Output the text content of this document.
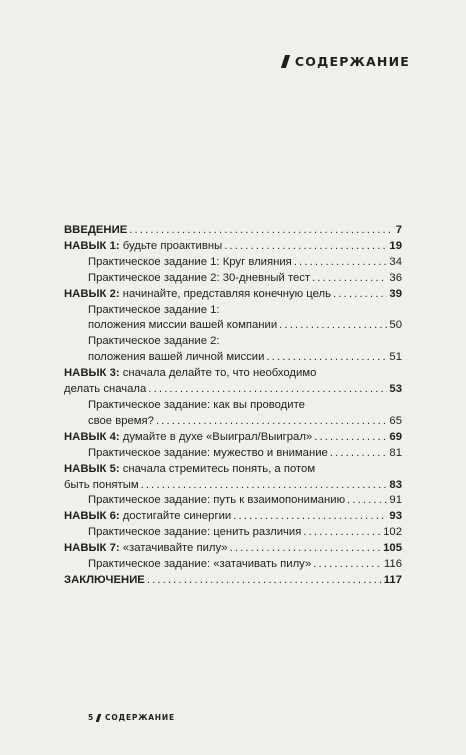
СОДЕРЖАНИЕ
ВВЕДЕНИЕ . . .	7
НАВЫК 1: будьте проактивны . . .	19
Практическое задание 1: Круг влияния . . .	34
Практическое задание 2: 30-дневный тест . . .	36
НАВЫК 2: начинайте, представляя конечную цель . . .	39
Практическое задание 1:
положения миссии вашей компании . . .	50
Практическое задание 2:
положения вашей личной миссии . . .	51
НАВЫК 3: сначала делайте то, что необходимо
делать сначала . . .	53
Практическое задание: как вы проводите
свое время? . . .	65
НАВЫК 4: думайте в духе «Выиграл/Выиграл» . . .	69
Практическое задание: мужество и внимание . . .	81
НАВЫК 5: сначала стремитесь понять, а потом
быть понятым . . .	83
Практическое задание: путь к взаимопониманию . . .	91
НАВЫК 6: достигайте синергии . . .	93
Практическое задание: ценить различия . . .	102
НАВЫК 7: «затачивайте пилу» . . .	105
Практическое задание: «затачивать пилу» . . .	116
ЗАКЛЮЧЕНИЕ . . .	117
5 СОДЕРЖАНИЕ
